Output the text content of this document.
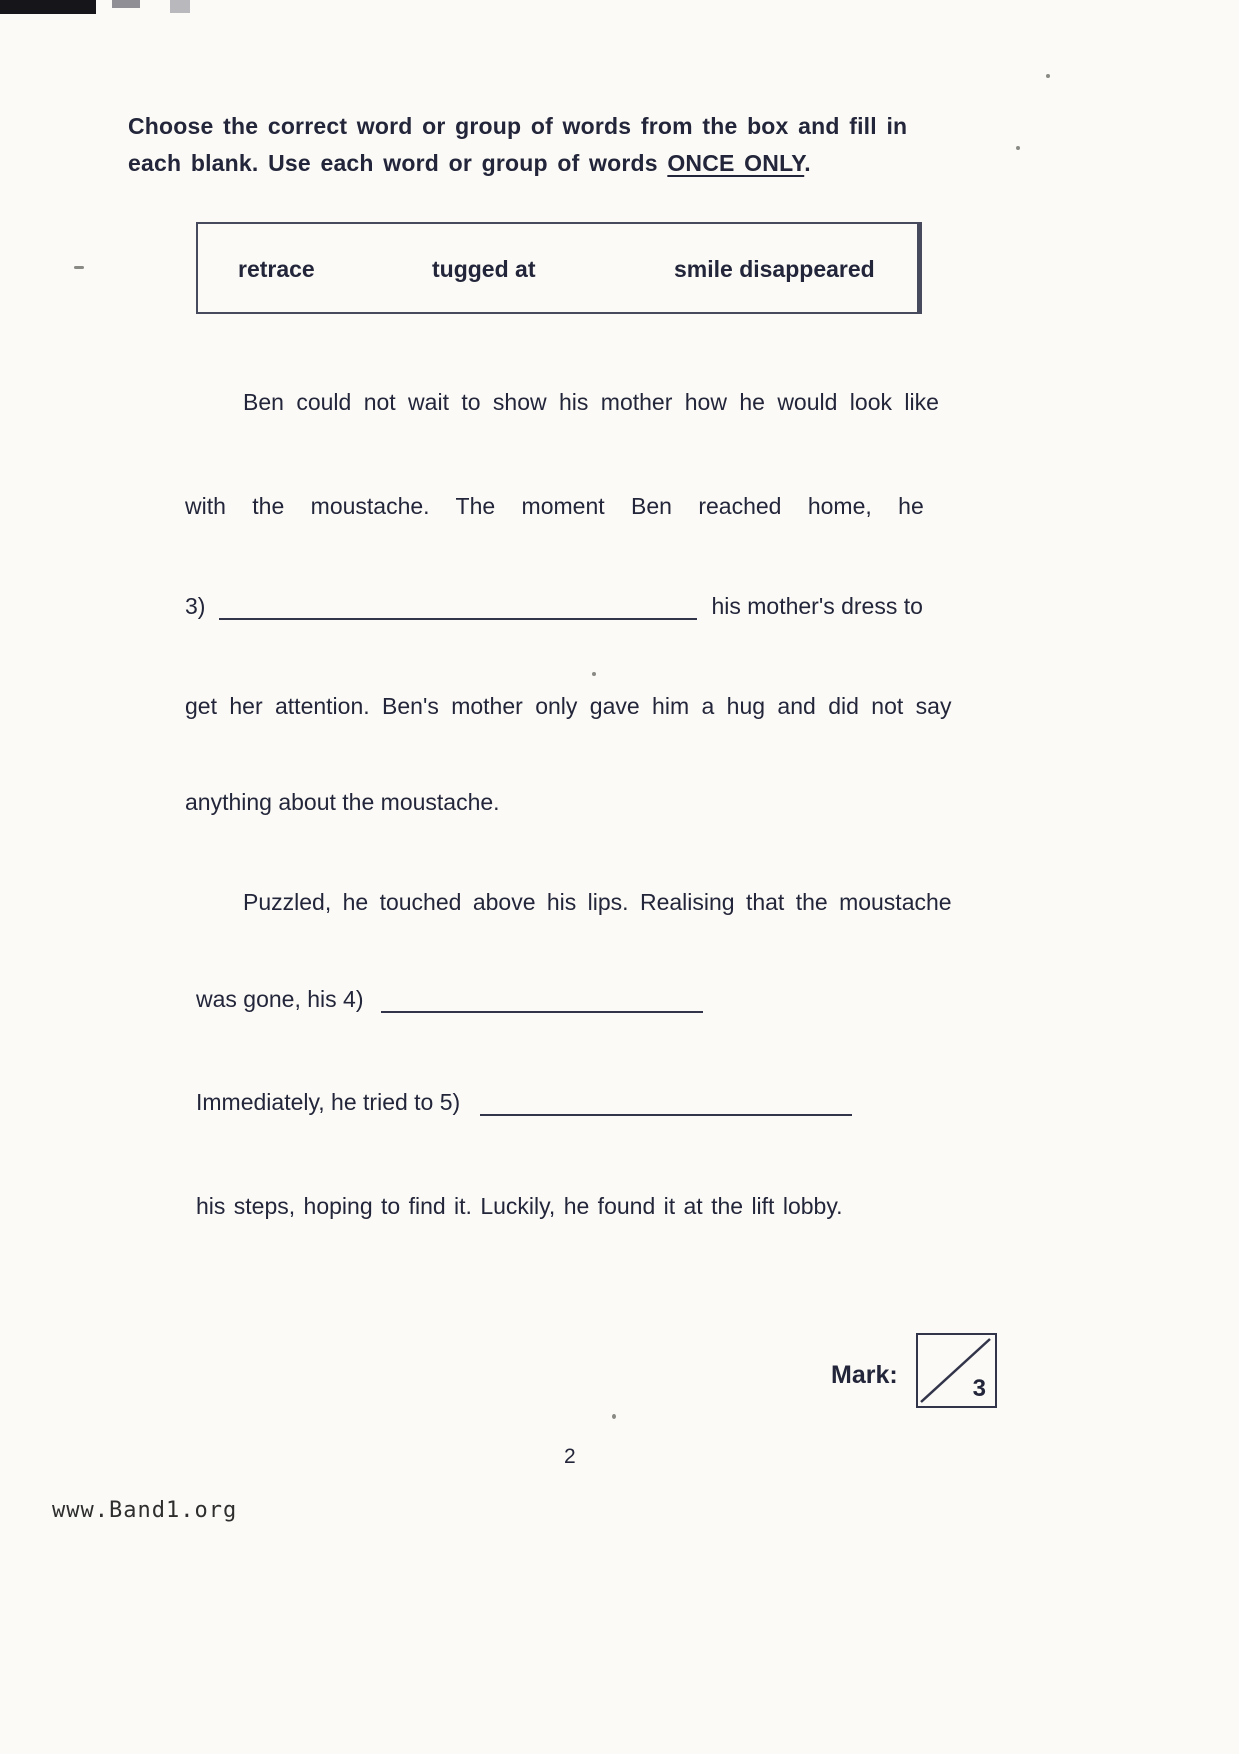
Choose the correct word or group of words from the box and fill in
each blank. Use each word or group of words ONCE ONLY.
retrace	tugged at	smile disappeared
Ben could not wait to show his mother how he would look like
with the moustache. The moment Ben reached home, he
3)	his mother's dress to
get her attention. Ben's mother only gave him a hug and did not say
anything about the moustache.
Puzzled, he touched above his lips. Realising that the moustache
was gone, his 4)
Immediately, he tried to 5)
his steps, hoping to find it. Luckily, he found it at the lift lobby.
Mark:	3
2
www.Band1.org
